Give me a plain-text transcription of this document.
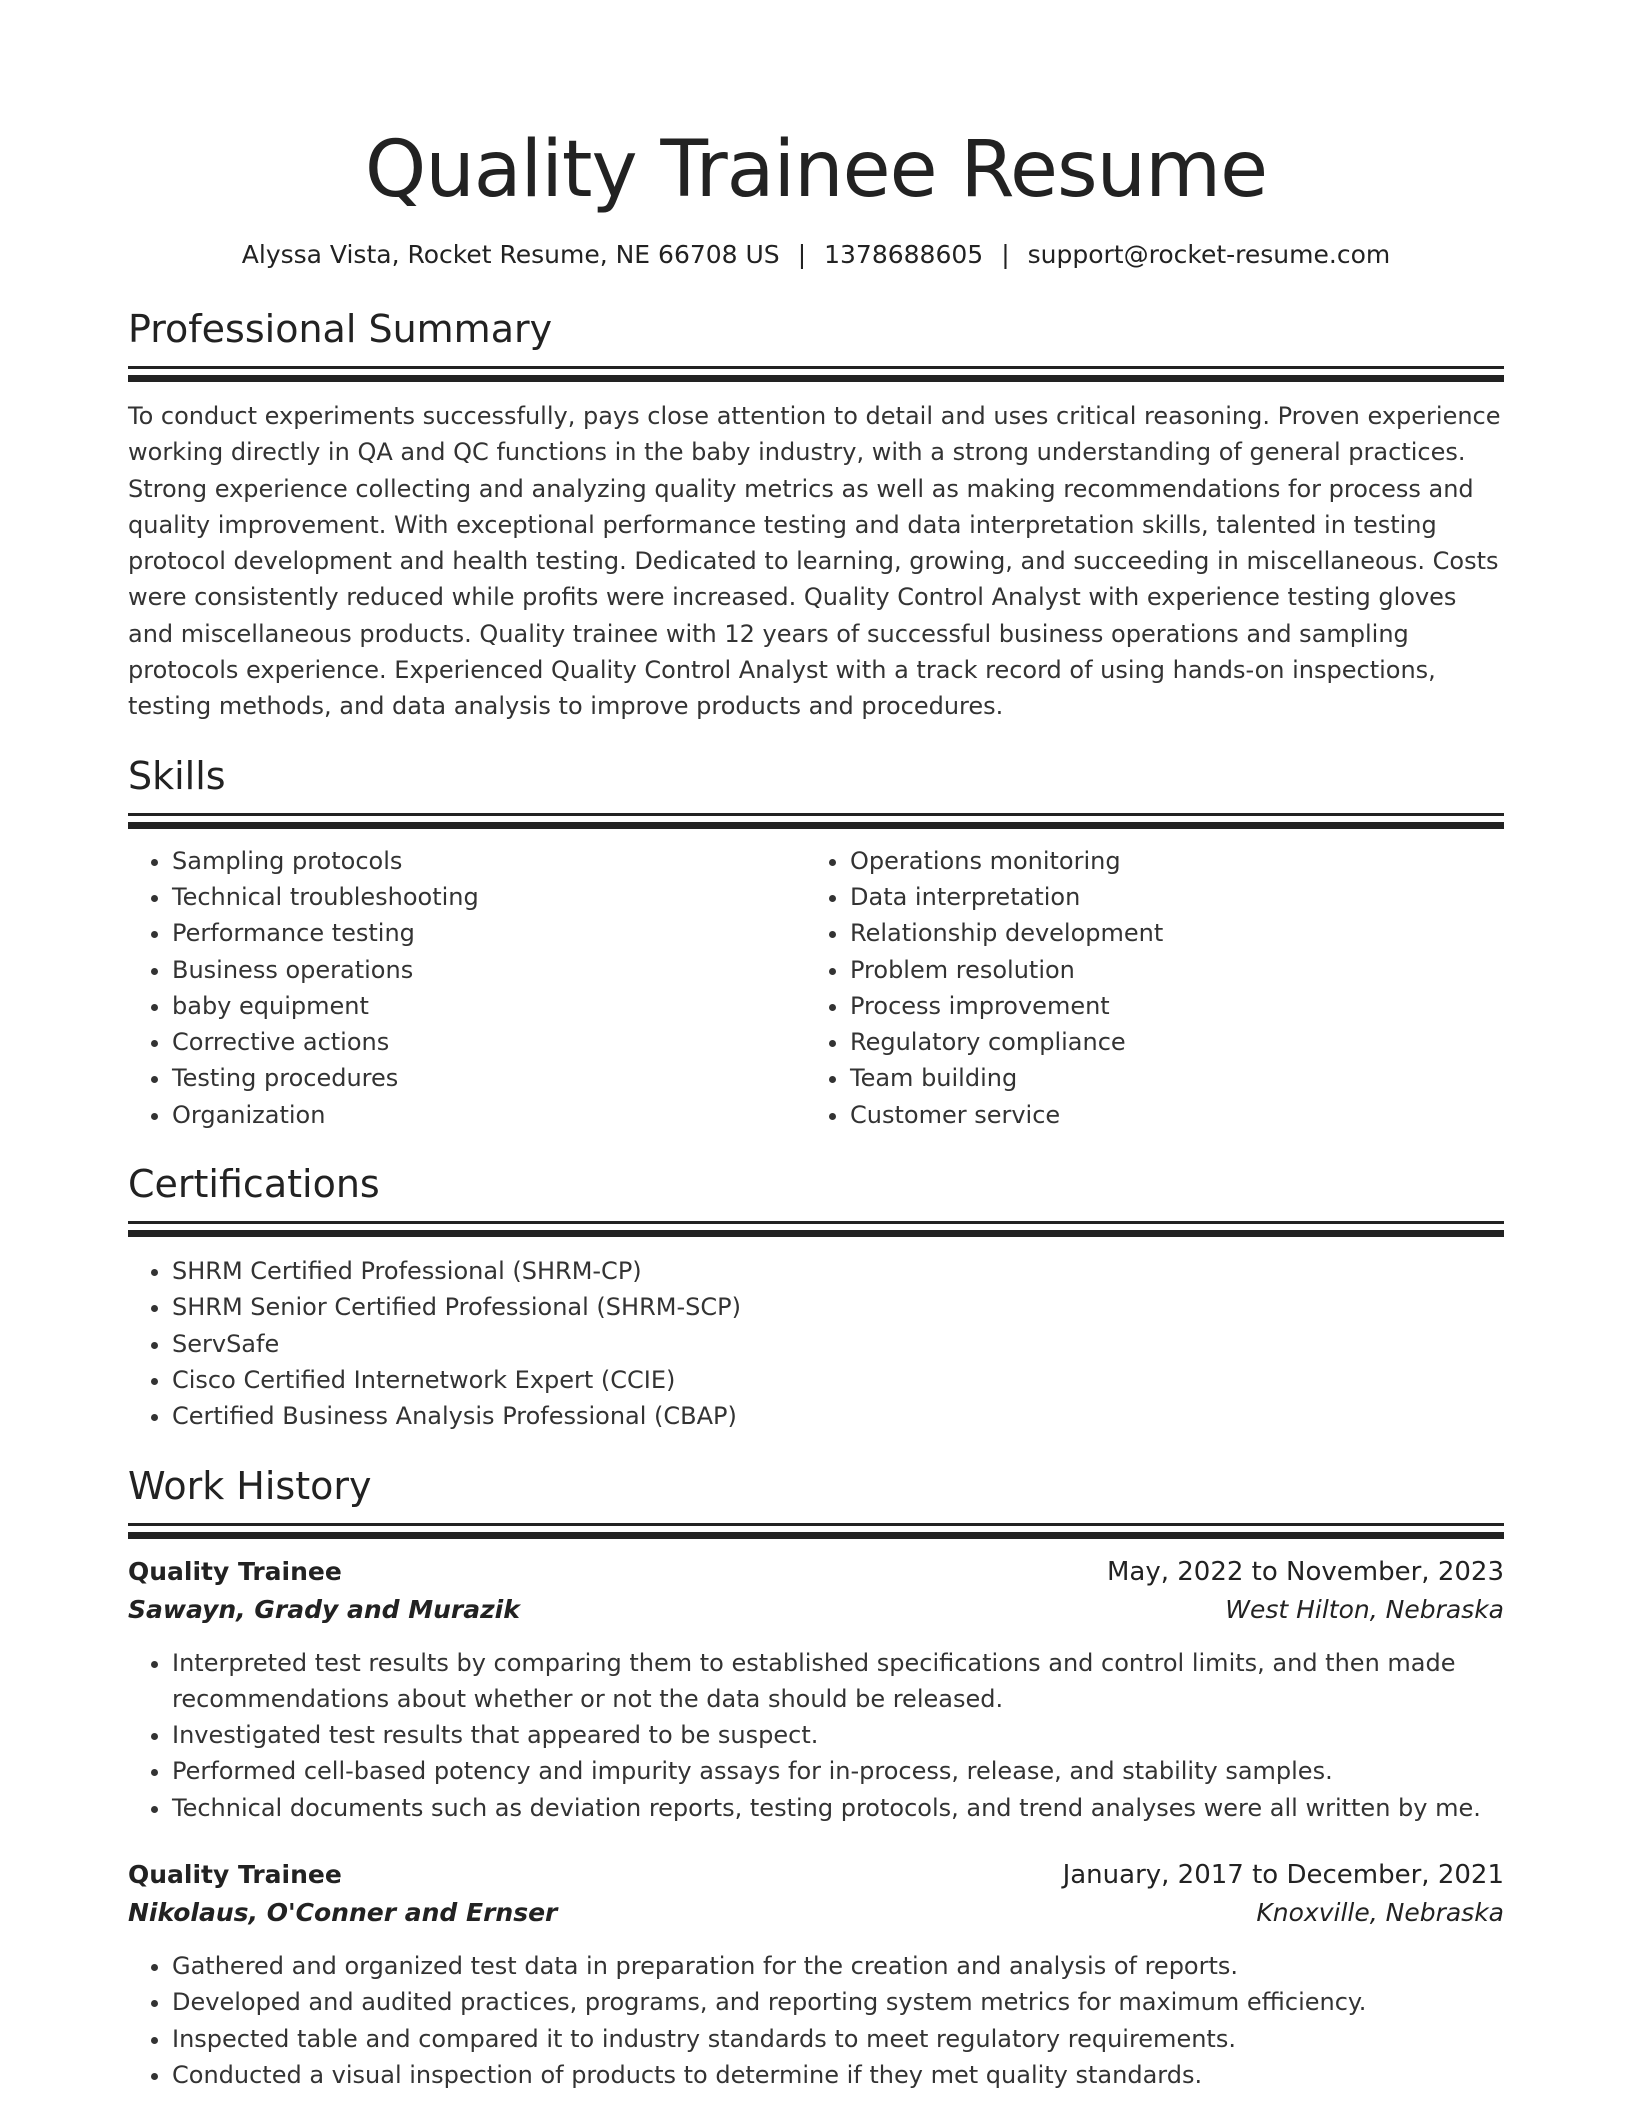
Quality Trainee Resume
Alyssa Vista, Rocket Resume, NE 66708 US | 1378688605 | support@rocket-resume.com
Professional Summary

To conduct experiments successfully, pays close attention to detail and uses critical reasoning. Proven experience working directly in QA and QC functions in the baby industry, with a strong understanding of general practices. Strong experience collecting and analyzing quality metrics as well as making recommendations for process and quality improvement. With exceptional performance testing and data interpretation skills, talented in testing protocol development and health testing. Dedicated to learning, growing, and succeeding in miscellaneous. Costs were consistently reduced while profits were increased. Quality Control Analyst with experience testing gloves and miscellaneous products. Quality trainee with 12 years of successful business operations and sampling protocols experience. Experienced Quality Control Analyst with a track record of using hands-on inspections, testing methods, and data analysis to improve products and procedures.

Skills
• Sampling protocols
• Technical troubleshooting
• Performance testing
• Business operations
• baby equipment
• Corrective actions
• Testing procedures
• Organization
• Operations monitoring
• Data interpretation
• Relationship development
• Problem resolution
• Process improvement
• Regulatory compliance
• Team building
• Customer service
Certifications
• SHRM Certified Professional (SHRM-CP)
• SHRM Senior Certified Professional (SHRM-SCP)
• ServSafe
• Cisco Certified Internetwork Expert (CCIE)
• Certified Business Analysis Professional (CBAP)
Work History
Quality Trainee	May, 2022 to November, 2023
Sawayn, Grady and Murazik	West Hilton, Nebraska
• Interpreted test results by comparing them to established specifications and control limits, and then made recommendations about whether or not the data should be released.
• Investigated test results that appeared to be suspect.
• Performed cell-based potency and impurity assays for in-process, release, and stability samples.
• Technical documents such as deviation reports, testing protocols, and trend analyses were all written by me.
Quality Trainee	January, 2017 to December, 2021
Nikolaus, O'Conner and Ernser	Knoxville, Nebraska
• Gathered and organized test data in preparation for the creation and analysis of reports.
• Developed and audited practices, programs, and reporting system metrics for maximum efficiency.
• Inspected table and compared it to industry standards to meet regulatory requirements.
• Conducted a visual inspection of products to determine if they met quality standards.
